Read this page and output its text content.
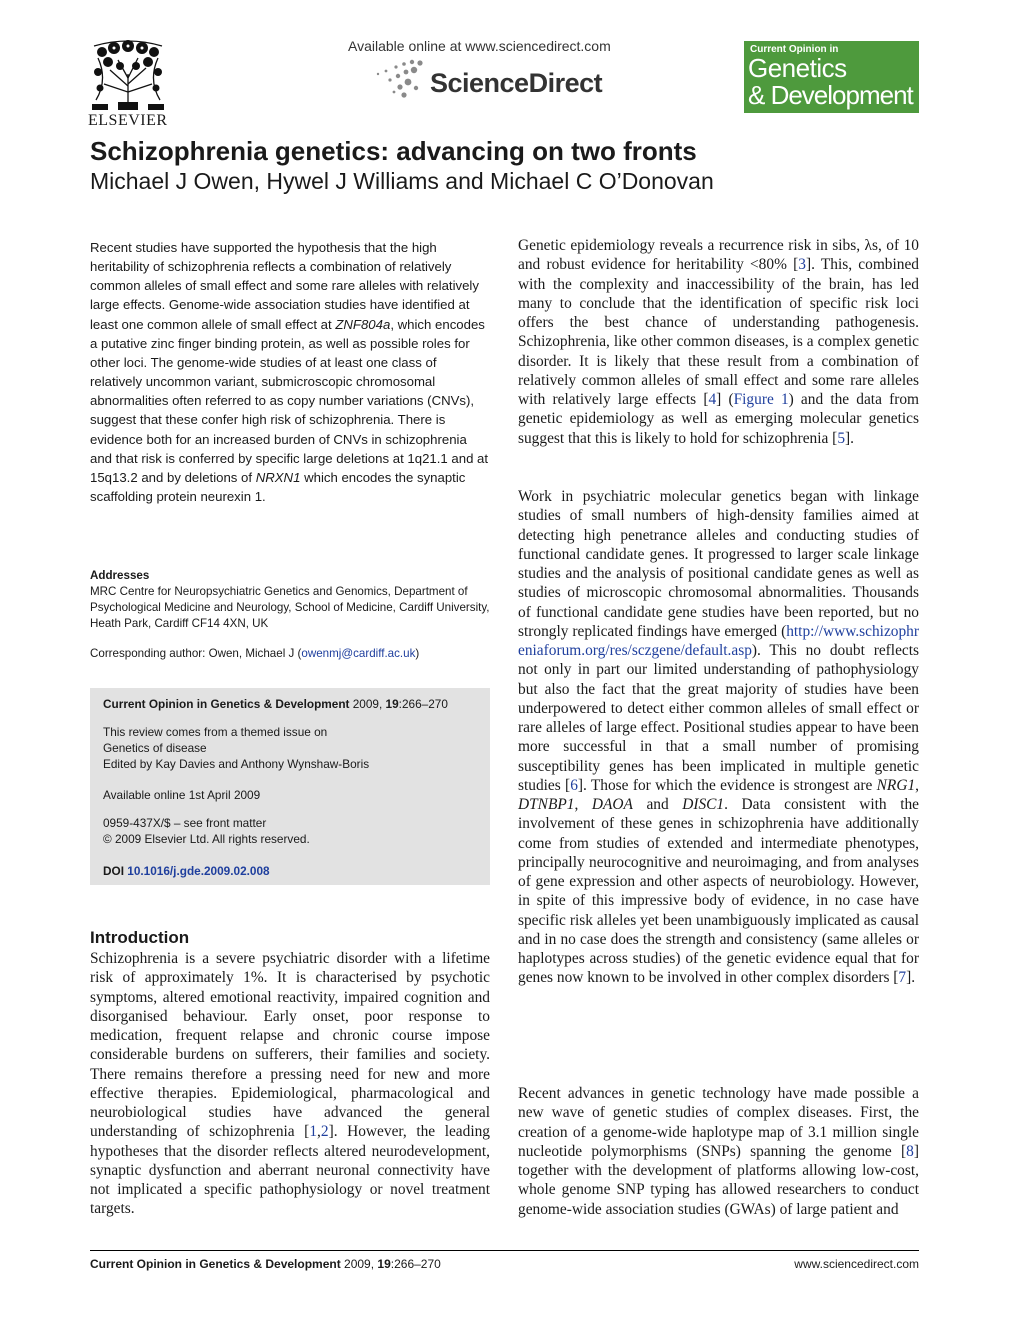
ELSEVIER
Available online at www.sciencedirect.com
ScienceDirect
Current Opinion in
Genetics
& Development
Schizophrenia genetics: advancing on two fronts
Michael J Owen, Hywel J Williams and Michael C O’Donovan
Recent studies have supported the hypothesis that the high heritability of schizophrenia reflects a combination of relatively common alleles of small effect and some rare alleles with relatively large effects. Genome-wide association studies have identified at least one common allele of small effect at ZNF804a, which encodes a putative zinc finger binding protein, as well as possible roles for other loci. The genome-wide studies of at least one class of relatively uncommon variant, submicroscopic chromosomal abnormalities often referred to as copy number variations (CNVs), suggest that these confer high risk of schizophrenia. There is evidence both for an increased burden of CNVs in schizophrenia and that risk is conferred by specific large deletions at 1q21.1 and at 15q13.2 and by deletions of NRXN1 which encodes the synaptic scaffolding protein neurexin 1.
Addresses
MRC Centre for Neuropsychiatric Genetics and Genomics, Department of Psychological Medicine and Neurology, School of Medicine, Cardiff University, Heath Park, Cardiff CF14 4XN, UK
Corresponding author: Owen, Michael J (owenmj@cardiff.ac.uk)
Current Opinion in Genetics & Development 2009, 19:266–270
This review comes from a themed issue on
Genetics of disease
Edited by Kay Davies and Anthony Wynshaw-Boris
Available online 1st April 2009
0959-437X/$ – see front matter
© 2009 Elsevier Ltd. All rights reserved.
DOI 10.1016/j.gde.2009.02.008
Introduction
Schizophrenia is a severe psychiatric disorder with a lifetime risk of approximately 1%. It is characterised by psychotic symptoms, altered emotional reactivity, impaired cognition and disorganised behaviour. Early onset, poor response to medication, frequent relapse and chronic course impose considerable burdens on sufferers, their families and society. There remains therefore a pressing need for new and more effective therapies. Epidemiological, pharmacological and neurobiological studies have advanced the general understanding of schizophrenia [1,2]. However, the leading hypotheses that the disorder reflects altered neurodevelopment, synaptic dysfunction and aberrant neuronal connectivity have not implicated a specific pathophysiology or novel treatment targets.
Genetic epidemiology reveals a recurrence risk in sibs, λs, of 10 and robust evidence for heritability <80% [3]. This, combined with the complexity and inaccessibility of the brain, has led many to conclude that the identification of specific risk loci offers the best chance of understanding pathogenesis. Schizophrenia, like other common diseases, is a complex genetic disorder. It is likely that these result from a combination of relatively common alleles of small effect and some rare alleles with relatively large effects [4] (Figure 1) and the data from genetic epidemiology as well as emerging molecular genetics suggest that this is likely to hold for schizophrenia [5].
Work in psychiatric molecular genetics began with linkage studies of small numbers of high-density families aimed at detecting high penetrance alleles and conducting studies of functional candidate genes. It progressed to larger scale linkage studies and the analysis of positional candidate genes as well as studies of microscopic chromosomal abnormalities. Thousands of functional candidate gene studies have been reported, but no strongly replicated findings have emerged (http://www.schizophreniaforum.org/res/sczgene/default.asp). This no doubt reflects not only in part our limited understanding of pathophysiology but also the fact that the great majority of studies have been underpowered to detect either common alleles of small effect or rare alleles of large effect. Positional studies appear to have been more successful in that a small number of promising susceptibility genes has been implicated in multiple genetic studies [6]. Those for which the evidence is strongest are NRG1, DTNBP1, DAOA and DISC1. Data consistent with the involvement of these genes in schizophrenia have additionally come from studies of extended and intermediate phenotypes, principally neurocognitive and neuroimaging, and from analyses of gene expression and other aspects of neurobiology. However, in spite of this impressive body of evidence, in no case have specific risk alleles yet been unambiguously implicated as causal and in no case does the strength and consistency (same alleles or haplotypes across studies) of the genetic evidence equal that for genes now known to be involved in other complex disorders [7].
Recent advances in genetic technology have made possible a new wave of genetic studies of complex diseases. First, the creation of a genome-wide haplotype map of 3.1 million single nucleotide polymorphisms (SNPs) spanning the genome [8] together with the development of platforms allowing low-cost, whole genome SNP typing has allowed researchers to conduct genome-wide association studies (GWAs) of large patient and
Current Opinion in Genetics & Development 2009, 19:266–270	www.sciencedirect.com
